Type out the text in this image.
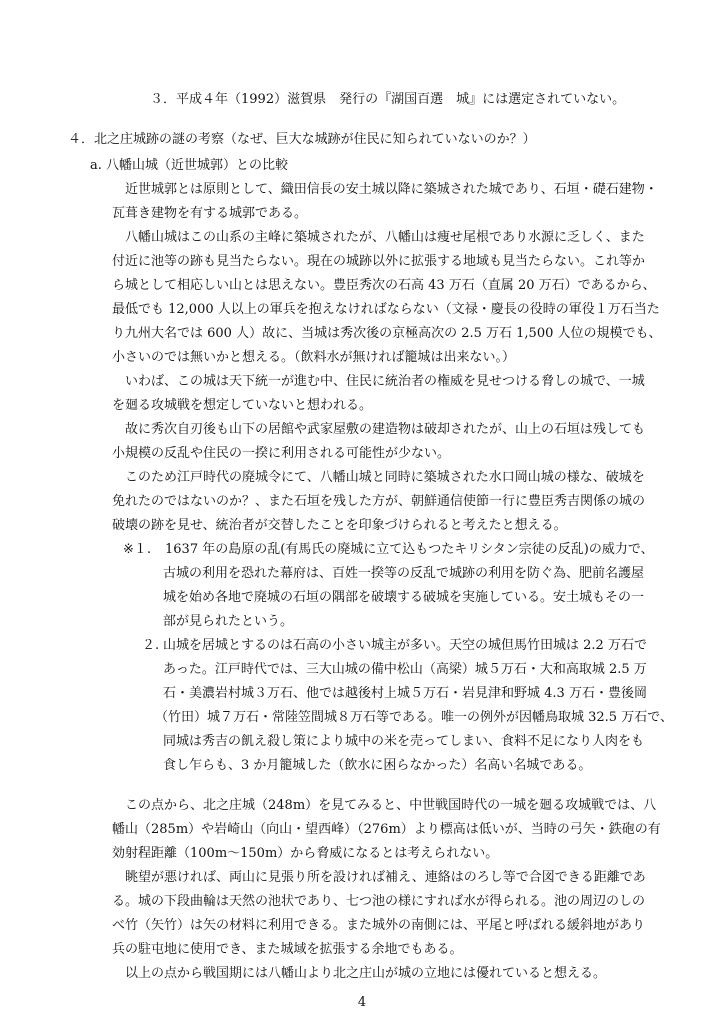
３．平成４年（1992）滋賀県　発行の『湖国百選　城』には選定されていない。
４．北之庄城跡の謎の考察（なぜ、巨大な城跡が住民に知られていないのか？）
a. 八幡山城（近世城郭）との比較
近世城郭とは原則として、織田信長の安土城以降に築城された城であり、石垣・礎石建物・
瓦葺き建物を有する城郭である。
八幡山城はこの山系の主峰に築城されたが、八幡山は痩せ尾根であり水源に乏しく、また
付近に池等の跡も見当たらない。現在の城跡以外に拡張する地域も見当たらない。これ等か
ら城として相応しい山とは思えない。豊臣秀次の石高 43 万石（直属 20 万石）であるから、
最低でも 12,000 人以上の軍兵を抱えなければならない（文禄・慶長の役時の軍役１万石当た
り九州大名では 600 人）故に、当城は秀次後の京極高次の 2.5 万石 1,500 人位の規模でも、
小さいのでは無いかと想える。（飲料水が無ければ籠城は出来ない。）
いわば、この城は天下統一が進む中、住民に統治者の権威を見せつける脅しの城で、一城
を廻る攻城戦を想定していないと想われる。
故に秀次自刃後も山下の居館や武家屋敷の建造物は破却されたが、山上の石垣は残しても
小規模の反乱や住民の一揆に利用される可能性が少ない。
このため江戸時代の廃城令にて、八幡山城と同時に築城された水口岡山城の様な、破城を
免れたのではないのか？、また石垣を残した方が、朝鮮通信使節一行に豊臣秀吉関係の城の
破壊の跡を見せ、統治者が交替したことを印象づけられると考えたと想える。
※１. 1637 年の島原の乱(有馬氏の廃城に立て込もつたキリシタン宗徒の反乱)の威力で、
古城の利用を恐れた幕府は、百姓一揆等の反乱で城跡の利用を防ぐ為、肥前名護屋
城を始め各地で廃城の石垣の隅部を破壊する破城を実施している。安土城もその一
部が見られたという。
２. 山城を居城とするのは石高の小さい城主が多い。天空の城但馬竹田城は 2.2 万石で
あった。江戸時代では、三大山城の備中松山（高梁）城５万石・大和高取城 2.5 万
石・美濃岩村城３万石、他では越後村上城５万石・岩見津和野城 4.3 万石・豊後岡
（竹田）城７万石・常陸笠間城８万石等である。唯一の例外が因幡鳥取城 32.5 万石で、
同城は秀吉の飢え殺し策により城中の米を売ってしまい、食料不足になり人肉をも
食し乍らも、3 か月籠城した（飲水に困らなかった）名高い名城である。
この点から、北之庄城（248m）を見てみると、中世戦国時代の一城を廻る攻城戦では、八
幡山（285m）や岩崎山（向山・望西峰）（276m）より標高は低いが、当時の弓矢・鉄砲の有
効射程距離（100m〜150m）から脅威になるとは考えられない。
眺望が悪ければ、両山に見張り所を設ければ補え、連絡はのろし等で合図できる距離であ
る。城の下段曲輪は天然の池状であり、七つ池の様にすれば水が得られる。池の周辺のしの
べ竹（矢竹）は矢の材料に利用できる。また城外の南側には、平尾と呼ばれる緩斜地があり
兵の駐屯地に使用でき、また城域を拡張する余地でもある。
以上の点から戦国期には八幡山より北之庄山が城の立地には優れていると想える。
4
